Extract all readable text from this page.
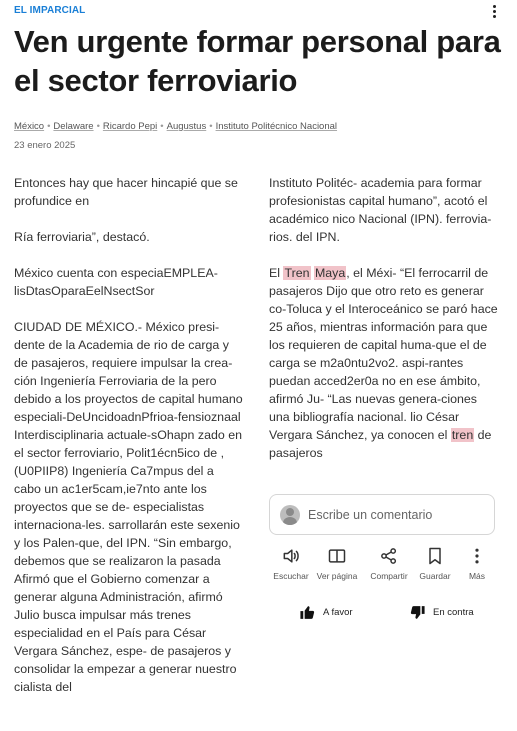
EL IMPARCIAL
Ven urgente formar personal para el sector ferroviario
México • Delaware • Ricardo Pepi • Augustus • Instituto Politécnico Nacional
23 enero 2025

Entonces hay que hacer hincapié que se profundice en

Ría ferroviaria”, destacó.

México cuenta con especiaEMPLEA-lisDtasOparaEelNsectSor

CIUDAD DE MÉXICO.- México presi-dente de la Academia de rio de carga y de pasajeros, requiere impulsar la crea-ción Ingeniería Ferroviaria de la pero debido a los proyectos de capital humano especiali-DeUncidoadnPfrioa-fensioznaal Interdisciplinaria actuale-sOhapn zado en el sector ferroviario, Polit1écn5ico de ,(U0PIIP8) Ingeniería Ca7mpus del a cabo un ac1er5cam,ie7nto ante los proyectos que se de- especialistas internaciona-les. sarrollarán este sexenio y los Palen-que, del IPN. “Sin embargo, debemos que se realizaron la pasada Afirmó que el Gobierno comenzar a generar alguna Administración, afirmó Julio busca impulsar más trenes especialidad en el País para César Vergara Sánchez, espe- de pasajeros y consolidar la empezar a generar nuestro cialista del

Instituto Politéc- academia para formar profesionistas capital humano”, acotó el académico nico Nacional (IPN). ferrovia-rios. del IPN.

El Tren Maya, el Méxi- “El ferrocarril de pasajeros Dijo que otro reto es generar co-Toluca y el Interoceánico se paró hace 25 años, mientras información para que los requieren de capital huma-que el de carga se m2a0ntu2vo2. aspi-rantes puedan acced2er0a no en ese ámbito, afirmó Ju- “Las nuevas genera-ciones una bibliografía nacional. lio César Vergara Sánchez, ya conocen el tren de pasajeros

Escribe un comentario
Escuchar Ver página	Compartir	Guardar	Más
A favor	En contra
